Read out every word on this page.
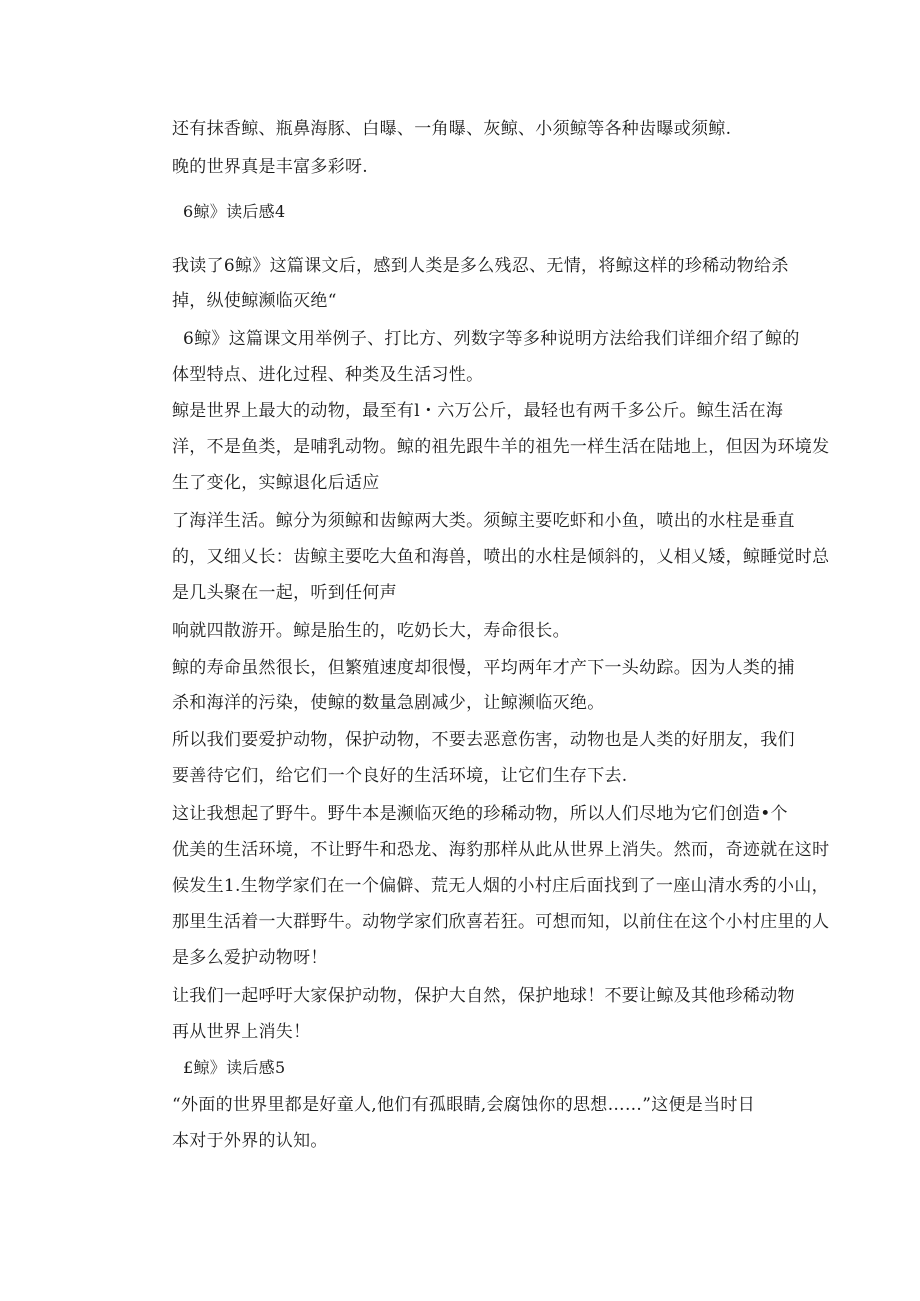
还有抹香鲸、瓶鼻海豚、白曝、一角曝、灰鲸、小须鲸等各种齿曝或须鲸.
晚的世界真是丰富多彩呀.
6鲸》读后感4
我读了6鲸》这篇课文后，感到人类是多么残忍、无情，将鲸这样的珍稀动物给杀
掉，纵使鲸濒临灭绝“
6鲸》这篇课文用举例子、打比方、列数字等多种说明方法给我们详细介绍了鲸的
体型特点、进化过程、种类及生活习性。
鲸是世界上最大的动物，最至有l・六万公斤，最轻也有两千多公斤。鲸生活在海
洋，不是鱼类，是哺乳动物。鲸的祖先跟牛羊的祖先一样生活在陆地上，但因为环境发
生了变化，实鲸退化后适应
了海洋生活。鲸分为须鲸和齿鲸两大类。须鲸主要吃虾和小鱼，喷出的水柱是垂直
的，又细乂长：齿鲸主要吃大鱼和海兽，喷出的水柱是倾斜的，乂相乂矮，鲸睡觉时总
是几头聚在一起，听到任何声
响就四散游开。鲸是胎生的，吃奶长大，寿命很长。
鲸的寿命虽然很长，但繁殖速度却很慢，平均两年才产下一头幼踪。因为人类的捕
杀和海洋的污染，使鲸的数量急剧减少，让鲸濒临灭绝。
所以我们要爱护动物，保护动物，不要去恶意伤害，动物也是人类的好朋友，我们
要善待它们，给它们一个良好的生活环境，让它们生存下去.
这让我想起了野牛。野牛本是濒临灭绝的珍稀动物，所以人们尽地为它们创造•个
优美的生活环境，不让野牛和恐龙、海豹那样从此从世界上消失。然而，奇迹就在这时
候发生1.生物学家们在一个偏僻、荒无人烟的小村庄后面找到了一座山清水秀的小山，
那里生活着一大群野牛。动物学家们欣喜若狂。可想而知，以前住在这个小村庄里的人
是多么爱护动物呀！
让我们一起呼吁大家保护动物，保护大自然，保护地球！不要让鲸及其他珍稀动物
再从世界上消失！
£鲸》读后感5
“外面的世界里都是好童人,他们有孤眼睛,会腐蚀你的思想……”这便是当时日
本对于外界的认知。
